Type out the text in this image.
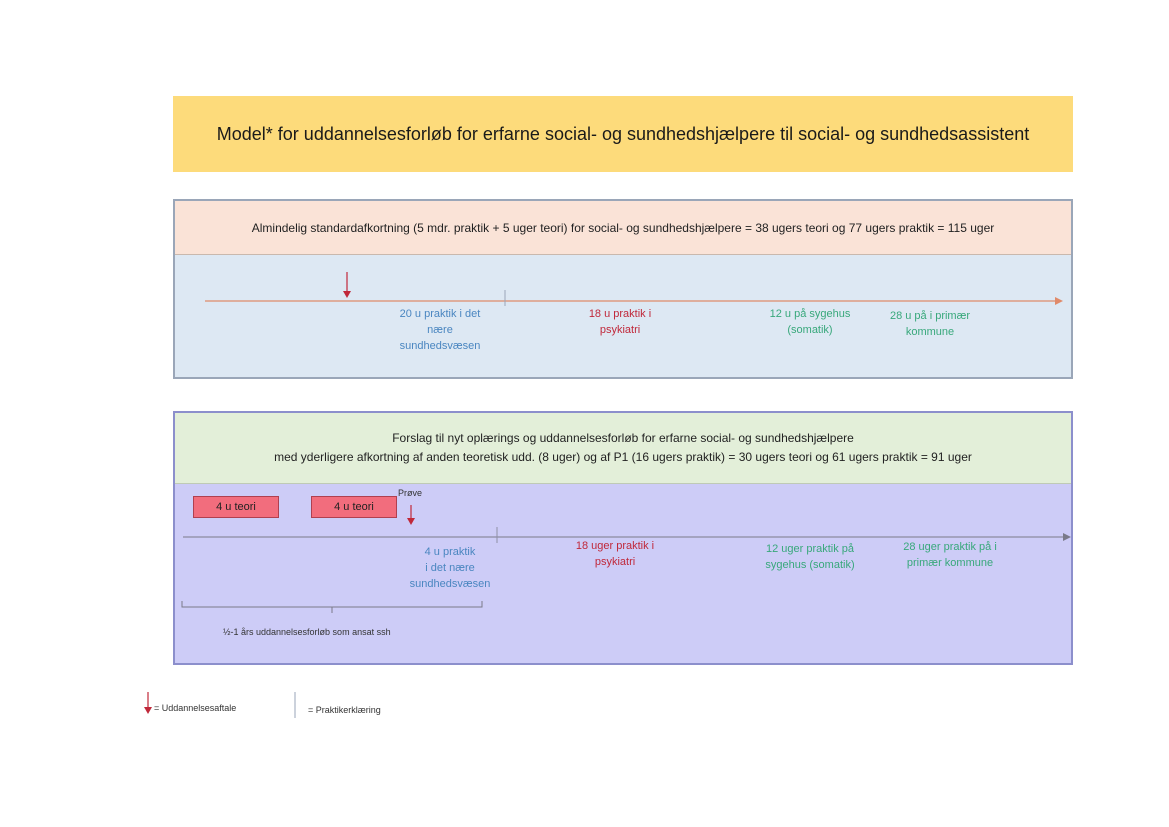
Model* for uddannelsesforløb for erfarne social- og sundhedshjælpere til social- og sundhedsassistent
Almindelig standardafkortning (5 mdr. praktik + 5 uger teori) for social- og sundhedshjælpere = 38 ugers teori og 77 ugers praktik = 115 uger
20 u praktik i det
nære
sundhedsvæsen
18 u praktik i
psykiatri
12 u på sygehus
(somatik)
28 u på i primær
kommune
Forslag til nyt oplærings og uddannelsesforløb for erfarne social- og sundhedshjælpere
med yderligere afkortning af anden teoretisk udd. (8 uger) og af P1 (16 ugers praktik) = 30 ugers teori og 61 ugers praktik = 91 uger
4 u teori	4 u teori
Prøve
4 u praktik
i det nære
sundhedsvæsen
18 uger praktik i
psykiatri
12 uger praktik på
sygehus (somatik)
28 uger praktik på i
primær kommune
½-1 års uddannelsesforløb som ansat ssh
= Uddannelsesaftale	= Praktikerklæring
